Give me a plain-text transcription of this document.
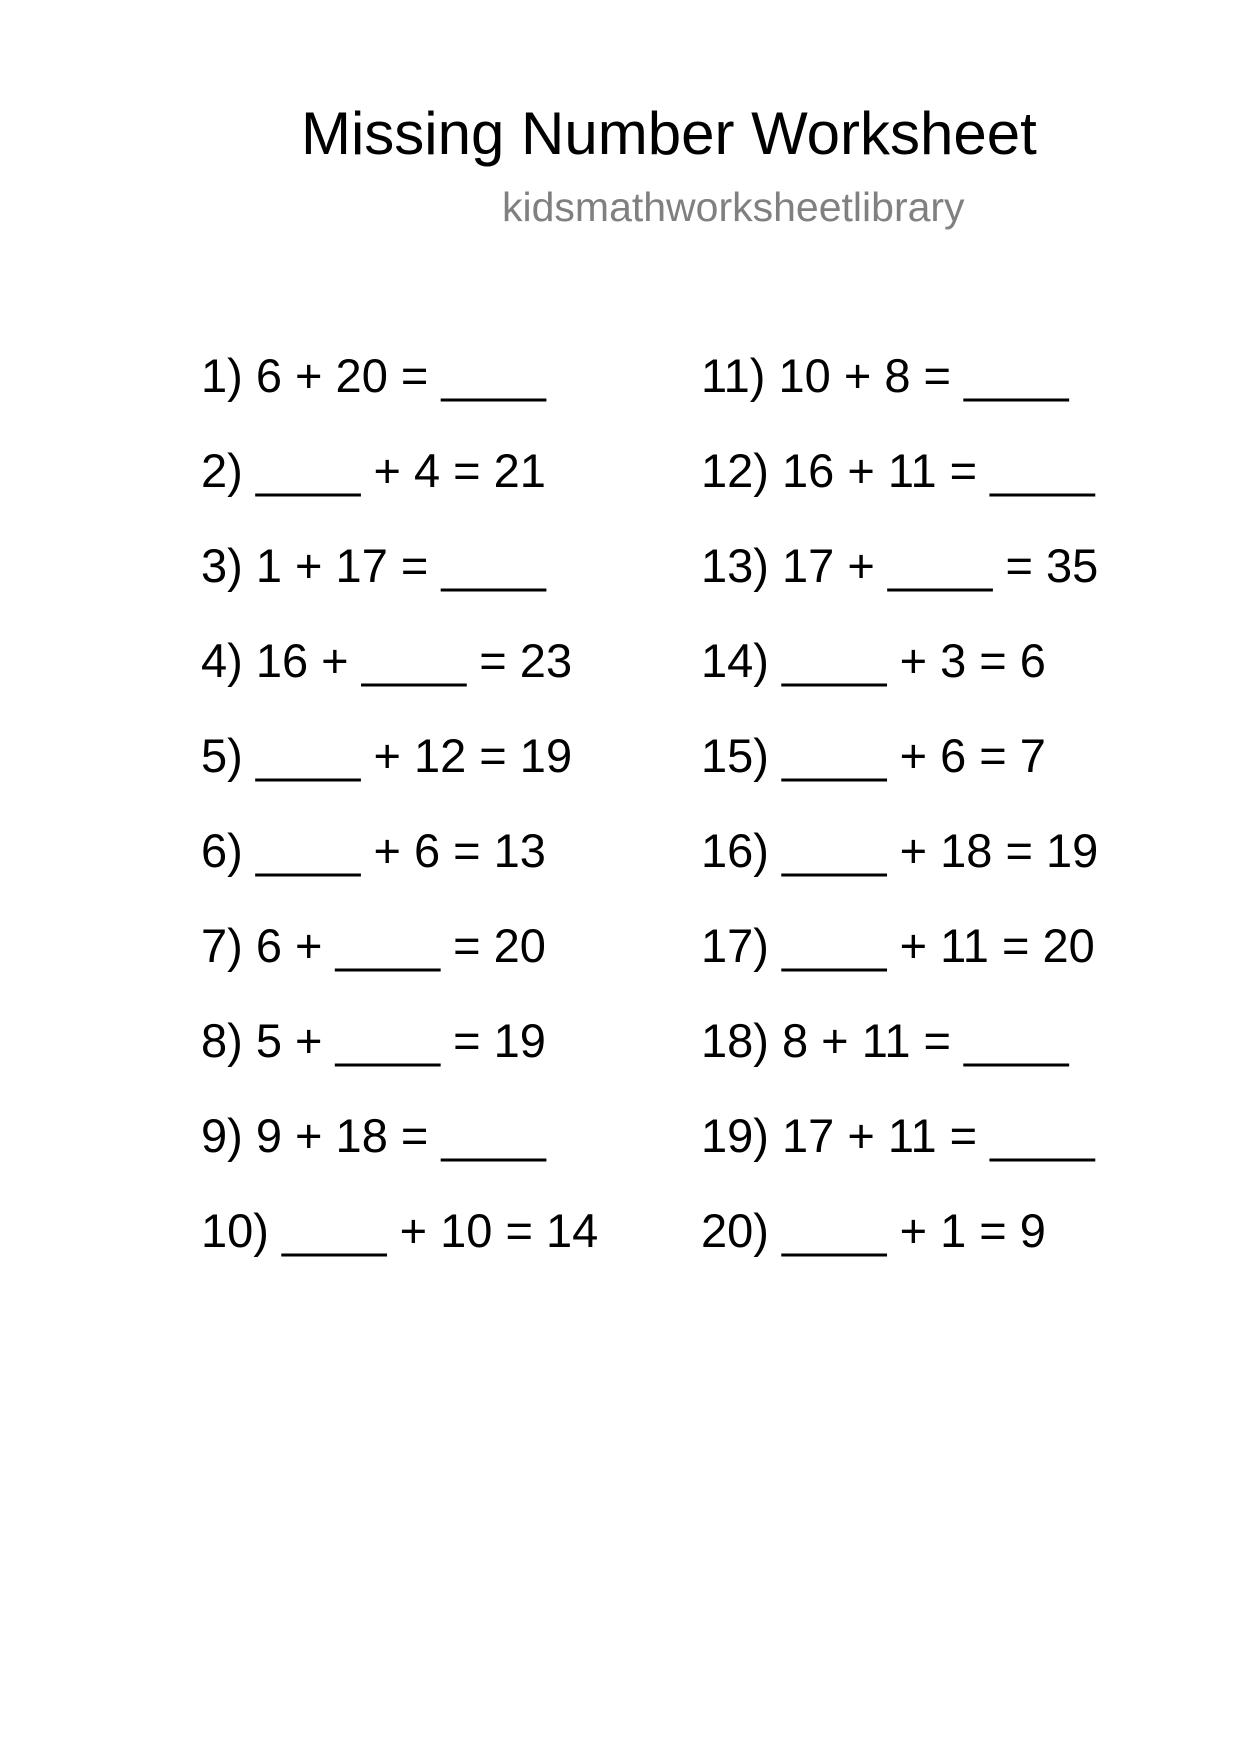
Missing Number Worksheet
kidsmathworksheetlibrary
1) 6 + 20 = ____
2) ____ + 4 = 21
3) 1 + 17 = ____
4) 16 + ____ = 23
5) ____ + 12 = 19
6) ____ + 6 = 13
7) 6 + ____ = 20
8) 5 + ____ = 19
9) 9 + 18 = ____
10) ____ + 10 = 14
11) 10 + 8 = ____
12) 16 + 11 = ____
13) 17 + ____ = 35
14) ____ + 3 = 6
15) ____ + 6 = 7
16) ____ + 18 = 19
17) ____ + 11 = 20
18) 8 + 11 = ____
19) 17 + 11 = ____
20) ____ + 1 = 9
